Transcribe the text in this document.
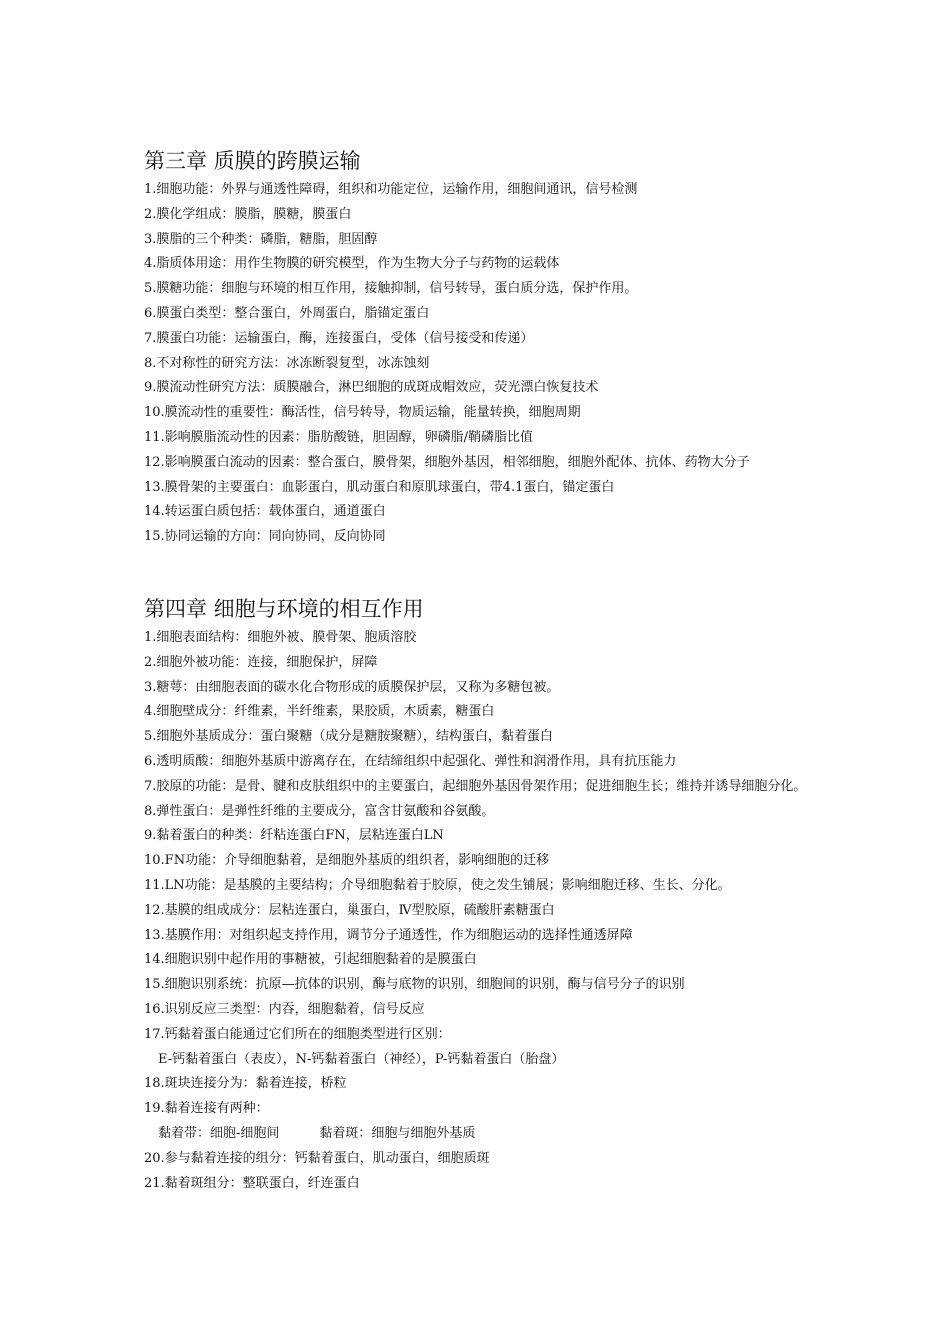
第三章 质膜的跨膜运输
1.细胞功能：外界与通透性障碍，组织和功能定位，运输作用，细胞间通讯，信号检测
2.膜化学组成：膜脂，膜糖，膜蛋白
3.膜脂的三个种类：磷脂，糖脂，胆固醇
4.脂质体用途：用作生物膜的研究模型，作为生物大分子与药物的运载体
5.膜糖功能：细胞与环境的相互作用，接触抑制，信号转导，蛋白质分选，保护作用。
6.膜蛋白类型：整合蛋白，外周蛋白，脂锚定蛋白
7.膜蛋白功能：运输蛋白，酶，连接蛋白，受体（信号接受和传递）
8.不对称性的研究方法：冰冻断裂复型，冰冻蚀刻
9.膜流动性研究方法：质膜融合，淋巴细胞的成斑成帽效应，荧光漂白恢复技术
10.膜流动性的重要性：酶活性，信号转导，物质运输，能量转换，细胞周期
11.影响膜脂流动性的因素：脂肪酸链，胆固醇，卵磷脂/鞘磷脂比值
12.影响膜蛋白流动的因素：整合蛋白，膜骨架，细胞外基因，相邻细胞，细胞外配体、抗体、药物大分子
13.膜骨架的主要蛋白：血影蛋白，肌动蛋白和原肌球蛋白，带4.1蛋白，锚定蛋白
14.转运蛋白质包括：载体蛋白，通道蛋白
15.协同运输的方向：同向协同，反向协同
第四章 细胞与环境的相互作用
1.细胞表面结构：细胞外被、膜骨架、胞质溶胶
2.细胞外被功能：连接，细胞保护，屏障
3.糖萼：由细胞表面的碳水化合物形成的质膜保护层，又称为多糖包被。
4.细胞壁成分：纤维素，半纤维素，果胶质，木质素，糖蛋白
5.细胞外基质成分：蛋白聚糖（成分是糖胺聚糖），结构蛋白，黏着蛋白
6.透明质酸：细胞外基质中游离存在，在结缔组织中起强化、弹性和润滑作用，具有抗压能力
7.胶原的功能：是骨、腱和皮肤组织中的主要蛋白，起细胞外基因骨架作用；促进细胞生长；维持并诱导细胞分化。
8.弹性蛋白：是弹性纤维的主要成分，富含甘氨酸和谷氨酸。
9.黏着蛋白的种类：纤粘连蛋白FN，层粘连蛋白LN
10.FN功能：介导细胞黏着，是细胞外基质的组织者，影响细胞的迁移
11.LN功能：是基膜的主要结构；介导细胞黏着于胶原，使之发生铺展；影响细胞迁移、生长、分化。
12.基膜的组成成分：层粘连蛋白，巢蛋白，Ⅳ型胶原，硫酸肝素糖蛋白
13.基膜作用：对组织起支持作用，调节分子通透性，作为细胞运动的选择性通透屏障
14.细胞识别中起作用的事糖被，引起细胞黏着的是膜蛋白
15.细胞识别系统：抗原—抗体的识别，酶与底物的识别，细胞间的识别，酶与信号分子的识别
16.识别反应三类型：内吞，细胞黏着，信号反应
17.钙黏着蛋白能通过它们所在的细胞类型进行区别：
E-钙黏着蛋白（表皮），N-钙黏着蛋白（神经），P-钙黏着蛋白（胎盘）
18.斑块连接分为：黏着连接，桥粒
19.黏着连接有两种：
黏着带：细胞-细胞间	黏着斑：细胞与细胞外基质
20.参与黏着连接的组分：钙黏着蛋白，肌动蛋白，细胞质斑
21.黏着斑组分：整联蛋白，纤连蛋白
